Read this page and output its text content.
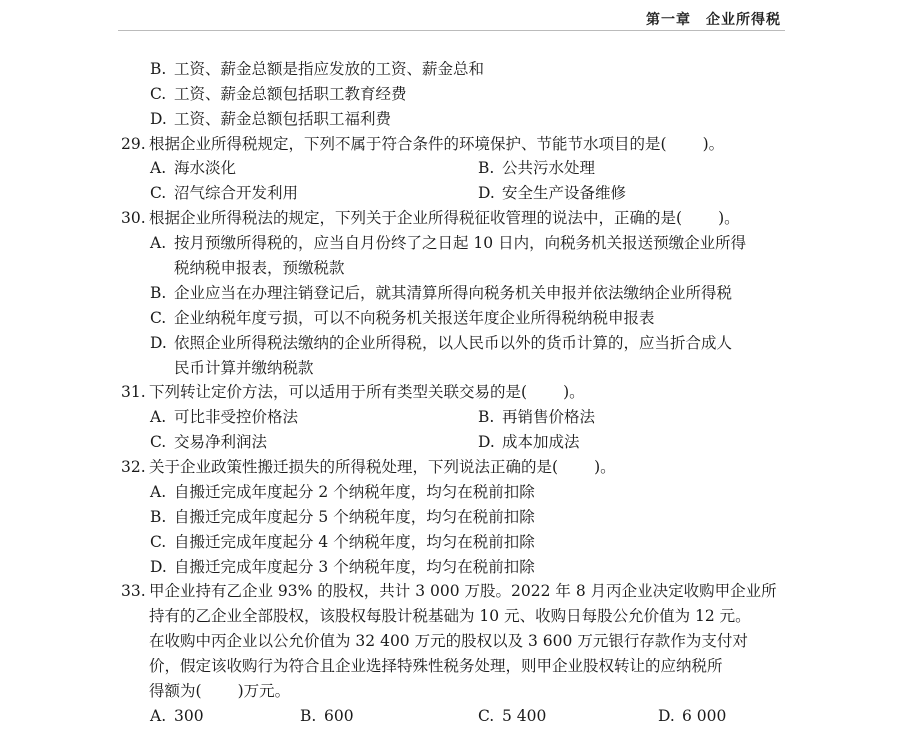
第一章　企业所得税
B. 工资、薪金总额是指应发放的工资、薪金总和
C. 工资、薪金总额包括职工教育经费
D. 工资、薪金总额包括职工福利费
29. 根据企业所得税规定，下列不属于符合条件的环境保护、节能节水项目的是( )。
A. 海水淡化	B. 公共污水处理
C. 沼气综合开发利用	D. 安全生产设备维修
30. 根据企业所得税法的规定，下列关于企业所得税征收管理的说法中，正确的是( )。
A. 按月预缴所得税的，应当自月份终了之日起 10 日内，向税务机关报送预缴企业所得
税纳税申报表，预缴税款
B. 企业应当在办理注销登记后，就其清算所得向税务机关申报并依法缴纳企业所得税
C. 企业纳税年度亏损，可以不向税务机关报送年度企业所得税纳税申报表
D. 依照企业所得税法缴纳的企业所得税，以人民币以外的货币计算的，应当折合成人
民币计算并缴纳税款
31. 下列转让定价方法，可以适用于所有类型关联交易的是( )。
A. 可比非受控价格法	B. 再销售价格法
C. 交易净利润法	D. 成本加成法
32. 关于企业政策性搬迁损失的所得税处理，下列说法正确的是( )。
A. 自搬迁完成年度起分 2 个纳税年度，均匀在税前扣除
B. 自搬迁完成年度起分 5 个纳税年度，均匀在税前扣除
C. 自搬迁完成年度起分 4 个纳税年度，均匀在税前扣除
D. 自搬迁完成年度起分 3 个纳税年度，均匀在税前扣除
33. 甲企业持有乙企业 93% 的股权，共计 3 000 万股。2022 年 8 月丙企业决定收购甲企业所
持有的乙企业全部股权，该股权每股计税基础为 10 元、收购日每股公允价值为 12 元。
在收购中丙企业以公允价值为 32 400 万元的股权以及 3 600 万元银行存款作为支付对
价，假定该收购行为符合且企业选择特殊性税务处理，则甲企业股权转让的应纳税所
得额为( )万元。
A. 300	B. 600	C. 5 400	D. 6 000
